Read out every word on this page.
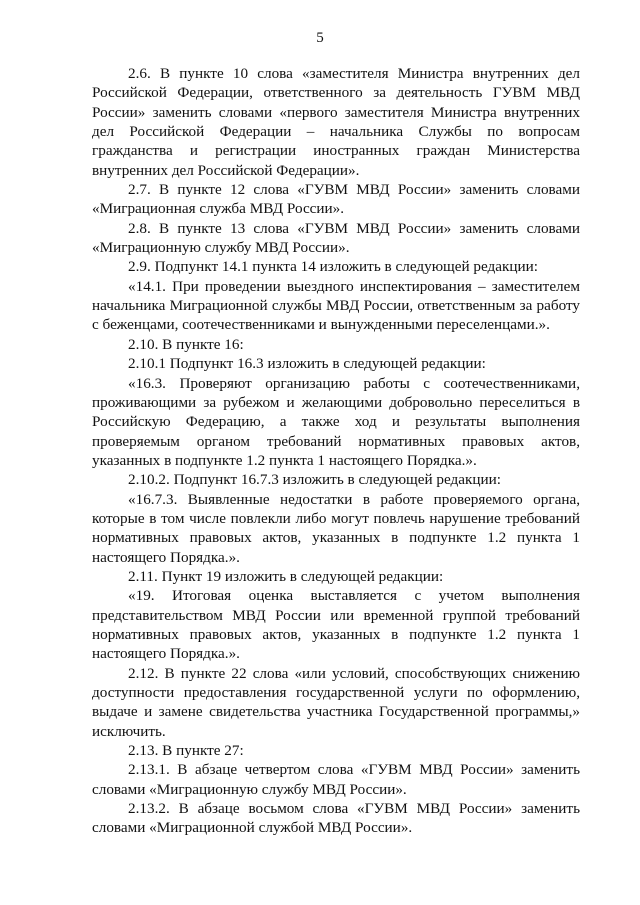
5

2.6. В пункте 10 слова «заместителя Министра внутренних дел Российской Федерации, ответственного за деятельность ГУВМ МВД России» заменить словами «первого заместителя Министра внутренних дел Российской Федерации – начальника Службы по вопросам гражданства и регистрации иностранных граждан Министерства внутренних дел Российской Федерации».

2.7. В пункте 12 слова «ГУВМ МВД России» заменить словами «Миграционная служба МВД России».

2.8. В пункте 13 слова «ГУВМ МВД России» заменить словами «Миграционную службу МВД России».

2.9. Подпункт 14.1 пункта 14 изложить в следующей редакции:

«14.1. При проведении выездного инспектирования – заместителем начальника Миграционной службы МВД России, ответственным за работу с беженцами, соотечественниками и вынужденными переселенцами.».

2.10. В пункте 16:

2.10.1 Подпункт 16.3 изложить в следующей редакции:

«16.3. Проверяют организацию работы с соотечественниками, проживающими за рубежом и желающими добровольно переселиться в Российскую Федерацию, а также ход и результаты выполнения проверяемым органом требований нормативных правовых актов, указанных в подпункте 1.2 пункта 1 настоящего Порядка.».

2.10.2. Подпункт 16.7.3 изложить в следующей редакции:

«16.7.3. Выявленные недостатки в работе проверяемого органа, которые в том числе повлекли либо могут повлечь нарушение требований нормативных правовых актов, указанных в подпункте 1.2 пункта 1 настоящего Порядка.».

2.11. Пункт 19 изложить в следующей редакции:

«19. Итоговая оценка выставляется с учетом выполнения представительством МВД России или временной группой требований нормативных правовых актов, указанных в подпункте 1.2 пункта 1 настоящего Порядка.».

2.12. В пункте 22 слова «или условий, способствующих снижению доступности предоставления государственной услуги по оформлению, выдаче и замене свидетельства участника Государственной программы,» исключить.

2.13. В пункте 27:

2.13.1. В абзаце четвертом слова «ГУВМ МВД России» заменить словами «Миграционную службу МВД России».

2.13.2. В абзаце восьмом слова «ГУВМ МВД России» заменить словами «Миграционной службой МВД России».
